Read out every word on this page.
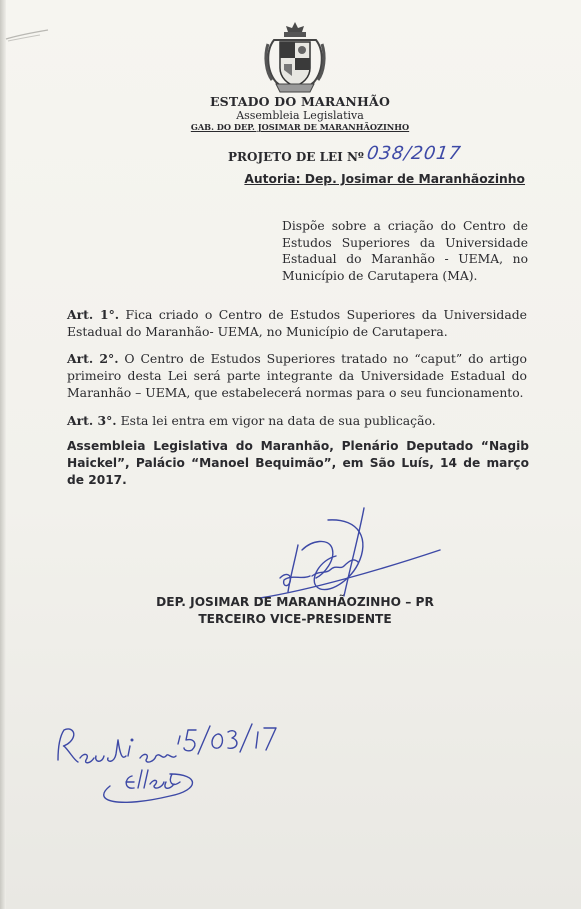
ESTADO DO MARANHÃO
Assembleia Legislativa
GAB. DO DEP. JOSIMAR DE MARANHÃOZINHO
PROJETO DE LEI Nº 038/2017
Autoria: Dep. Josimar de Maranhãozinho

Dispõe sobre a criação do Centro de Estudos Superiores da Universidade Estadual do Maranhão - UEMA, no Município de Carutapera (MA).

Art. 1°. Fica criado o Centro de Estudos Superiores da Universidade Estadual do Maranhão- UEMA, no Município de Carutapera.
Art. 2°. O Centro de Estudos Superiores tratado no “caput” do artigo primeiro desta Lei será parte integrante da Universidade Estadual do Maranhão – UEMA, que estabelecerá normas para o seu funcionamento.
Art. 3°. Esta lei entra em vigor na data de sua publicação.
Assembleia Legislativa do Maranhão, Plenário Deputado “Nagib Haickel”, Palácio “Manoel Bequimão”, em São Luís, 14 de março de 2017.
DEP. JOSIMAR DE MARANHÃOZINHO – PR
TERCEIRO VICE-PRESIDENTE
